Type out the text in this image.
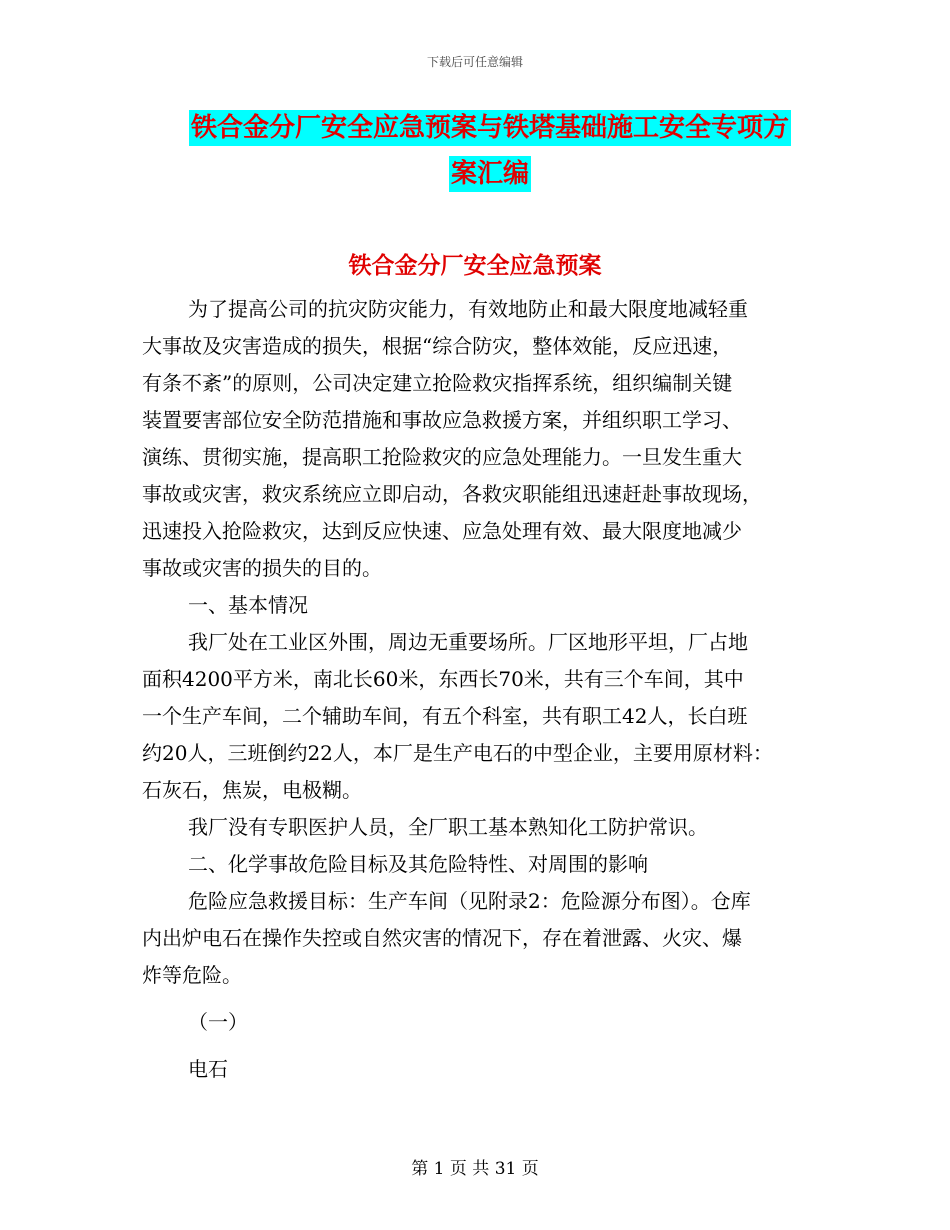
下载后可任意编辑
铁合金分厂安全应急预案与铁塔基础施工安全专项方
案汇编
铁合金分厂安全应急预案
为了提高公司的抗灾防灾能力，有效地防止和最大限度地减轻重
大事故及灾害造成的损失，根据“综合防灾，整体效能，反应迅速，
有条不紊”的原则，公司决定建立抢险救灾指挥系统，组织编制关键
装置要害部位安全防范措施和事故应急救援方案，并组织职工学习、
演练、贯彻实施，提高职工抢险救灾的应急处理能力。一旦发生重大
事故或灾害，救灾系统应立即启动，各救灾职能组迅速赶赴事故现场，
迅速投入抢险救灾，达到反应快速、应急处理有效、最大限度地减少
事故或灾害的损失的目的。
一、基本情况
我厂处在工业区外围，周边无重要场所。厂区地形平坦，厂占地
面积4200平方米，南北长60米，东西长70米，共有三个车间，其中
一个生产车间，二个辅助车间，有五个科室，共有职工42人，长白班
约20人，三班倒约22人，本厂是生产电石的中型企业，主要用原材料：
石灰石，焦炭，电极糊。
我厂没有专职医护人员，全厂职工基本熟知化工防护常识。
二、化学事故危险目标及其危险特性、对周围的影响
危险应急救援目标：生产车间（见附录2：危险源分布图）。仓库
内出炉电石在操作失控或自然灾害的情况下，存在着泄露、火灾、爆
炸等危险。
（一）
电石
第 1 页 共 31 页
